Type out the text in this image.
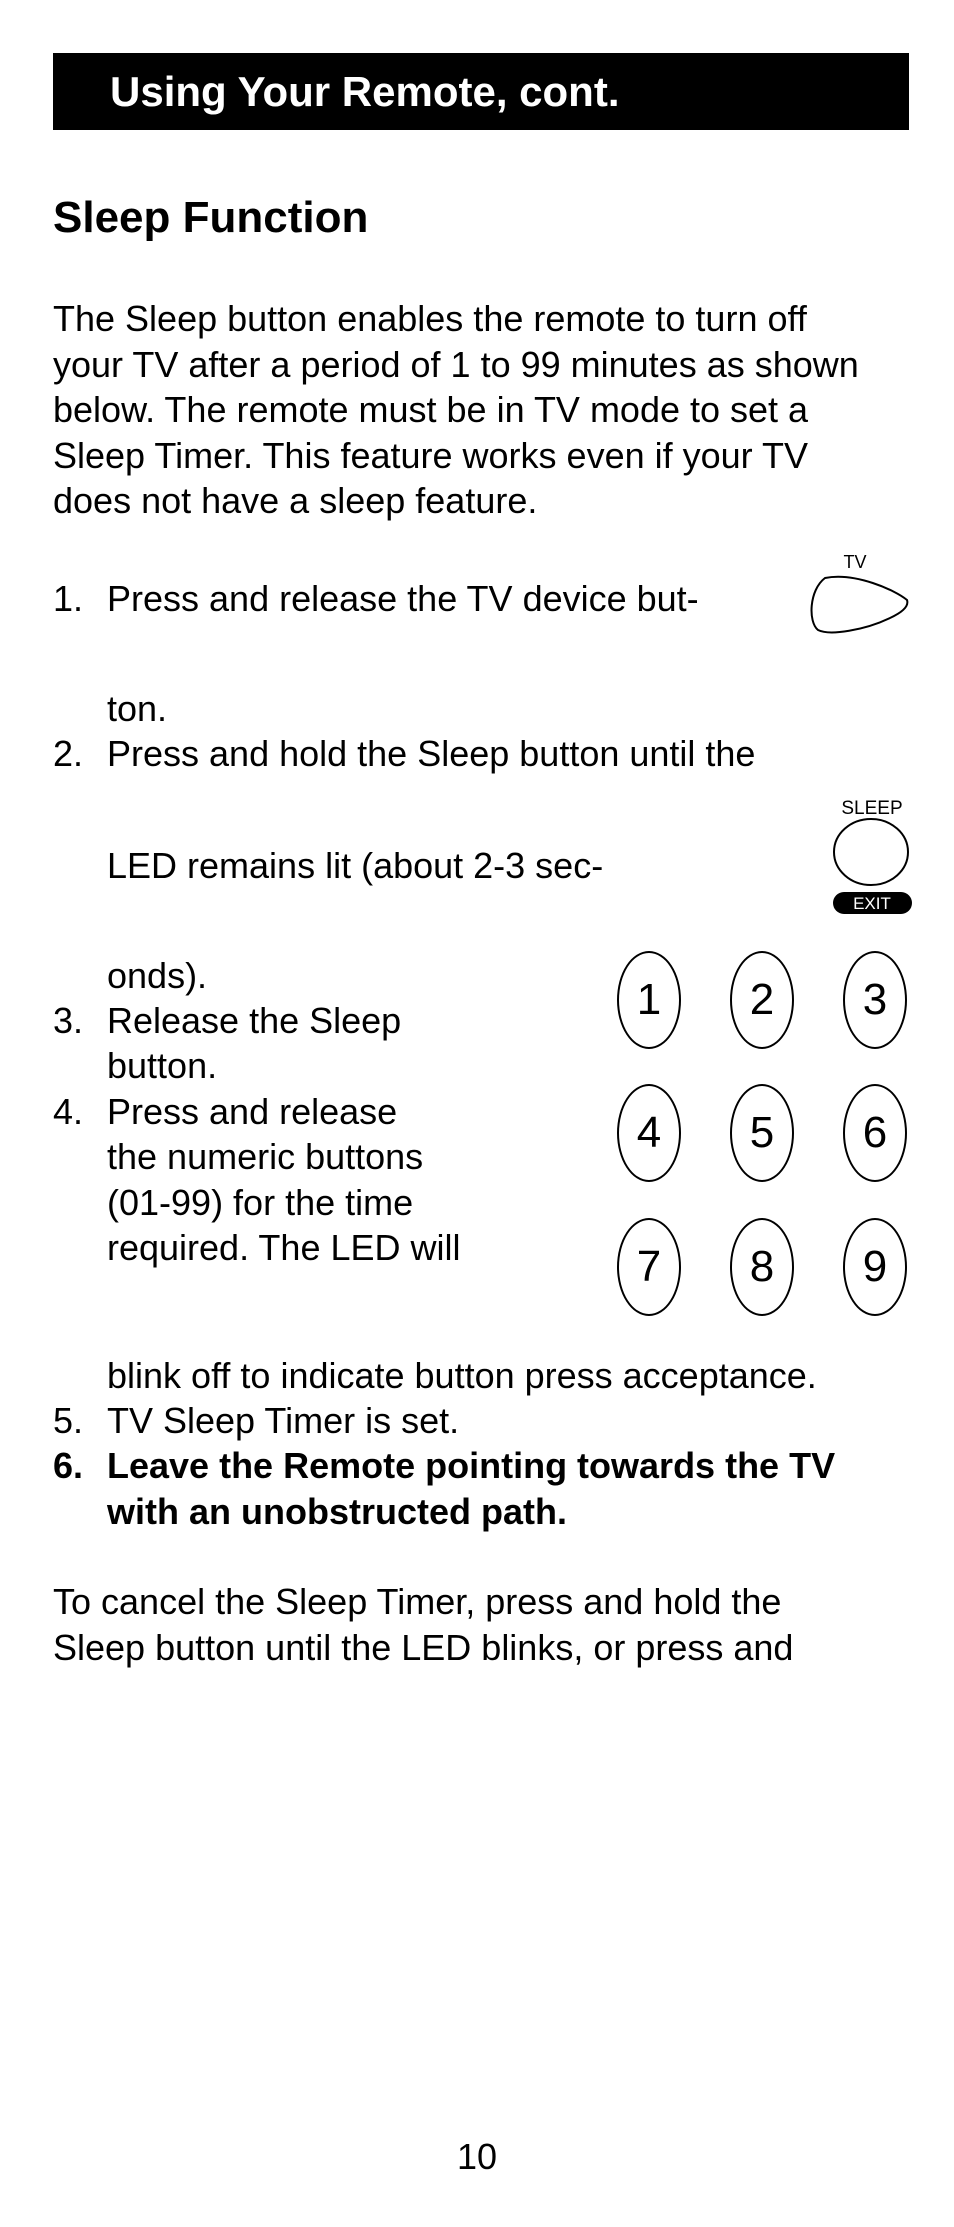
Using Your Remote, cont.
Sleep Function
The Sleep button enables the remote to turn off
your TV after a period of 1 to 99 minutes as shown
below. The remote must be in TV mode to set a
Sleep Timer. This feature works even if your TV
does not have a sleep feature.
1. Press and release the TV device but-
ton.
TV
2. Press and hold the Sleep button until the
LED remains lit (about 2-3 sec-
onds).
SLEEP
EXIT
3. Release the Sleep
button.
4. Press and release
the numeric buttons
(01-99) for the time
required. The LED will
blink off to indicate button press acceptance.
1	2	3
4	5	6
7	8	9
5. TV Sleep Timer is set.
6. Leave the Remote pointing towards the TV
with an unobstructed path.
To cancel the Sleep Timer, press and hold the
Sleep button until the LED blinks, or press and
10
